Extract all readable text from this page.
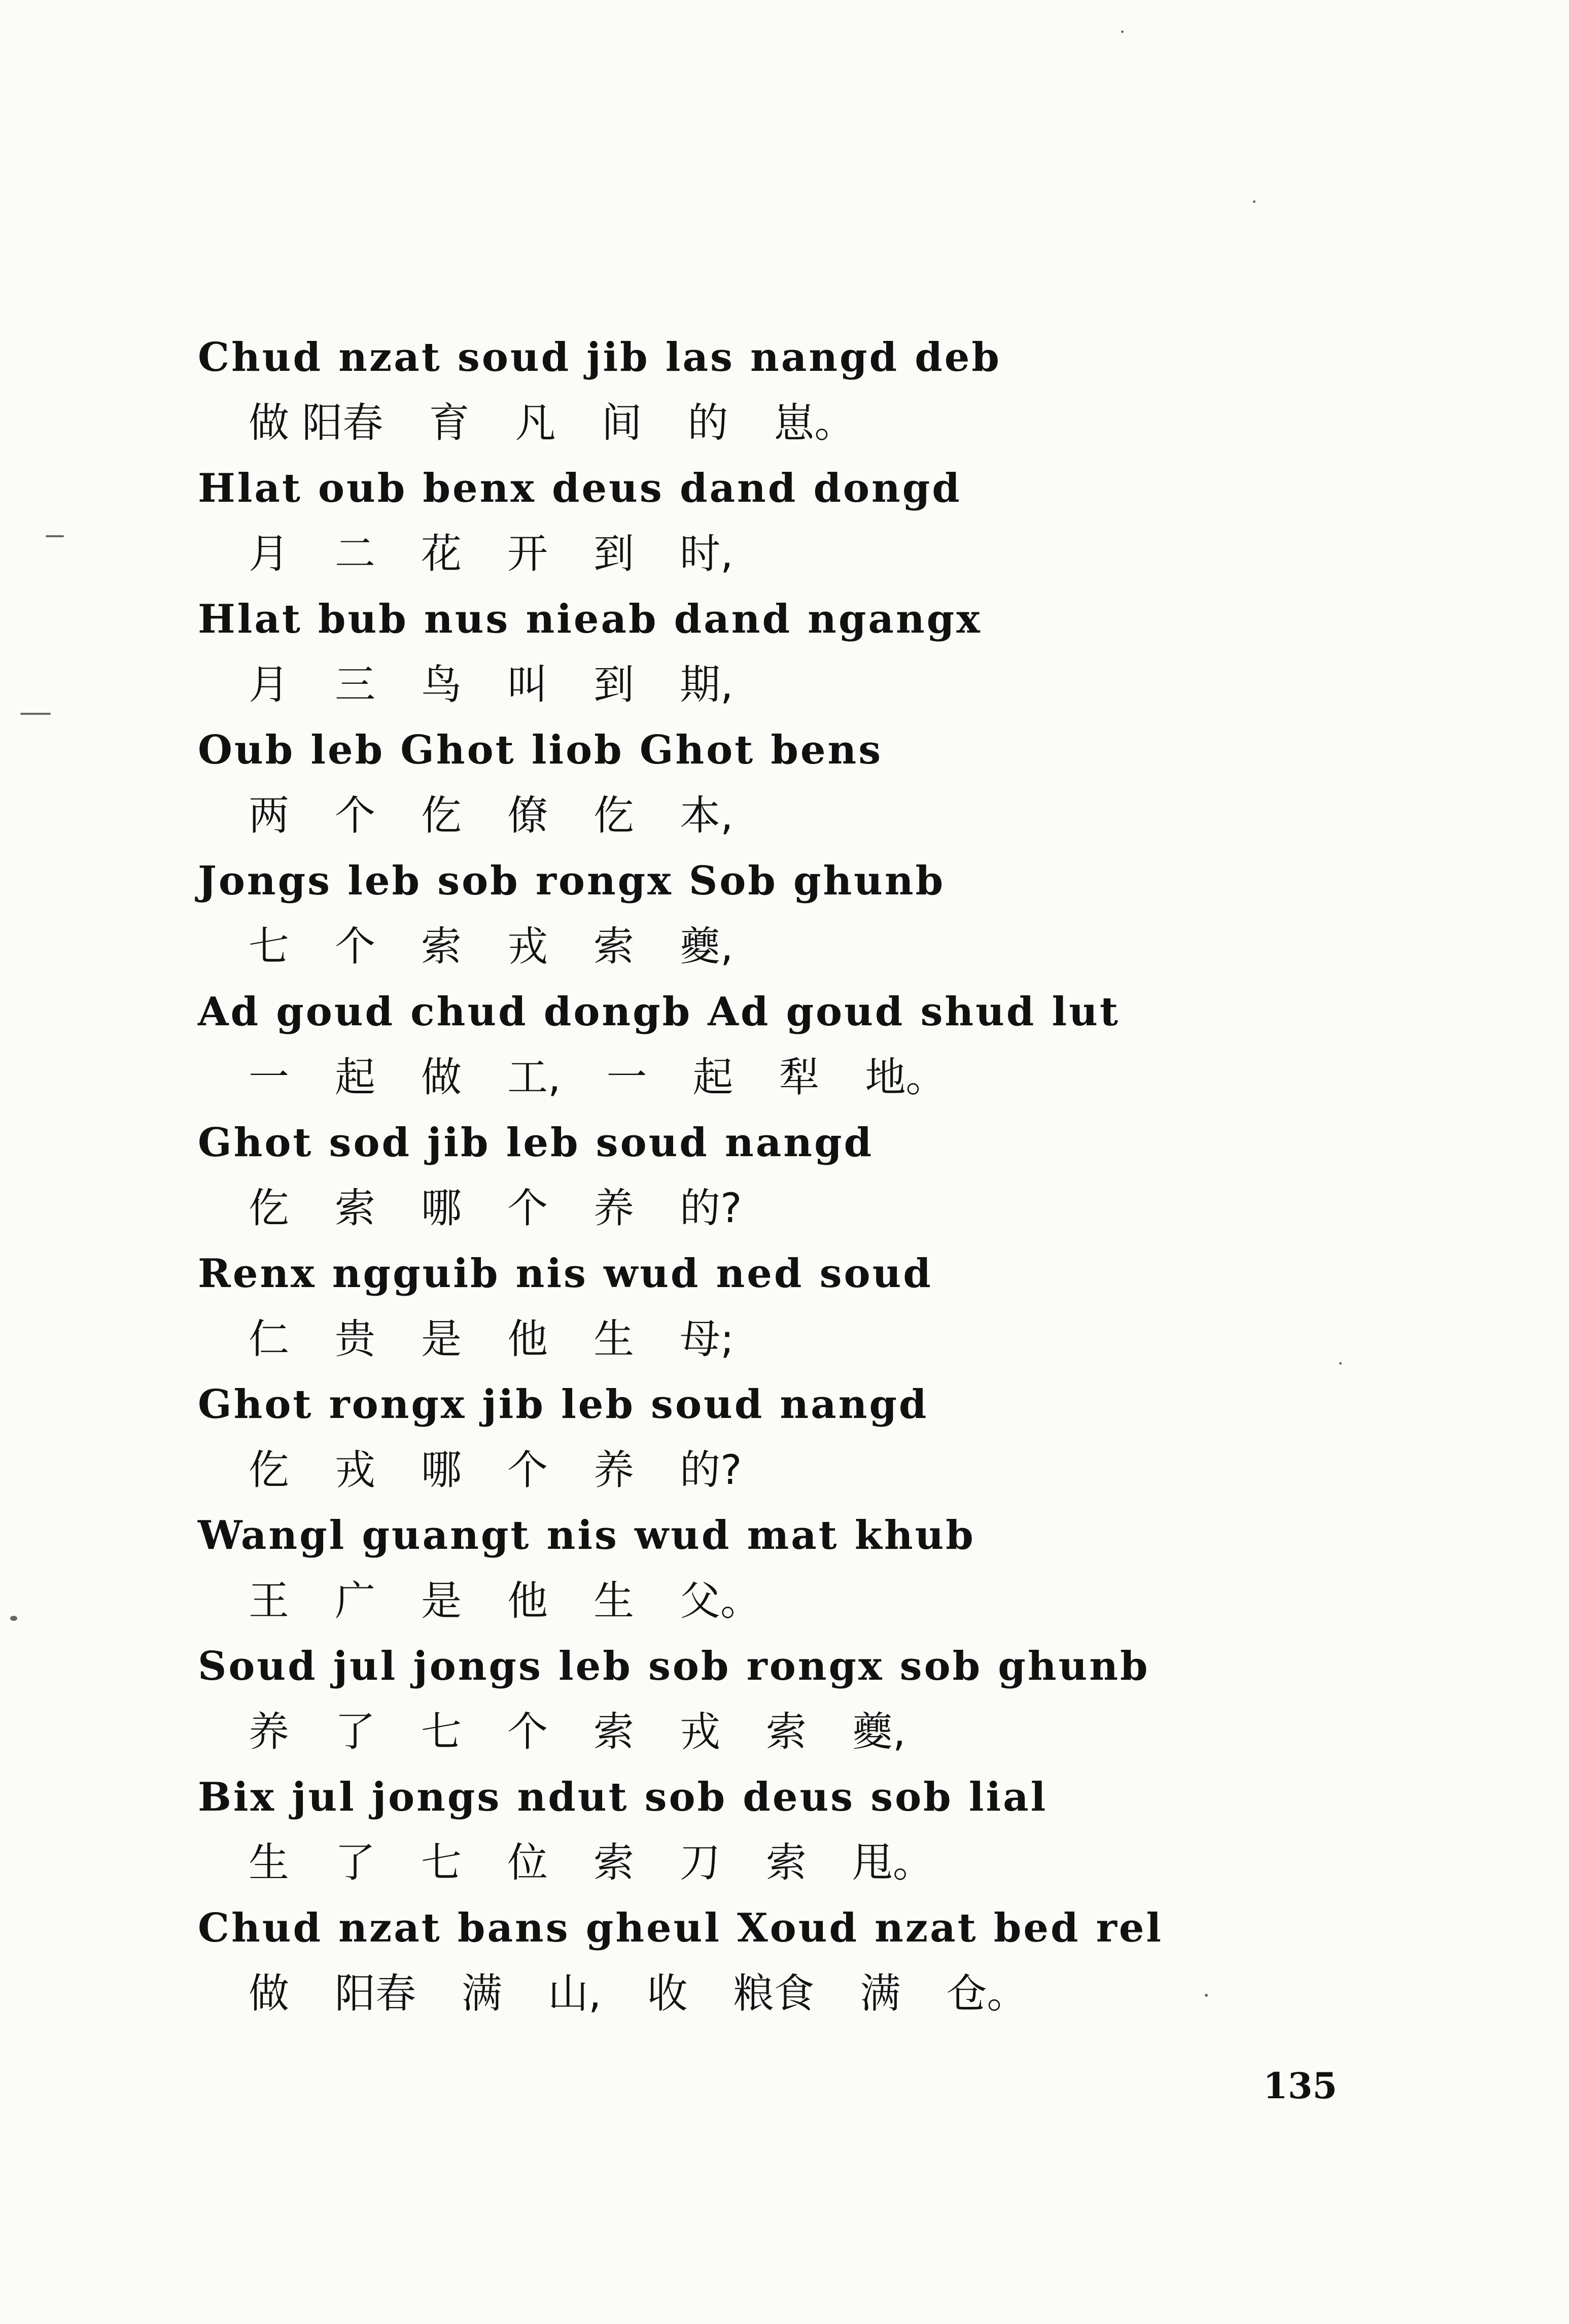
Chud nzat soud jib las nangd deb
做 阳春 育 凡 间 的 崽。
Hlat oub benx deus dand dongd
月 二 花 开 到 时,
Hlat bub nus nieab dand ngangx
月 三 鸟 叫 到 期,
Oub leb Ghot liob Ghot bens
两 个 仡 僚 仡 本,
Jongs leb sob rongx Sob ghunb
七 个 索 戎 索 夔,
Ad goud chud dongb Ad goud shud lut
一 起 做 工, 一 起 犁 地。
Ghot sod jib leb soud nangd
仡 索 哪 个 养 的?
Renx ngguib nis wud ned soud
仁 贵 是 他 生 母;
Ghot rongx jib leb soud nangd
仡 戎 哪 个 养 的?
Wangl guangt nis wud mat khub
王 广 是 他 生 父。
Soud jul jongs leb sob rongx sob ghunb
养 了 七 个 索 戎 索 夔,
Bix jul jongs ndut sob deus sob lial
生 了 七 位 索 刀 索 甩。
Chud nzat bans gheul Xoud nzat bed rel
做 阳春 满 山, 收 粮食 满 仓。
135
